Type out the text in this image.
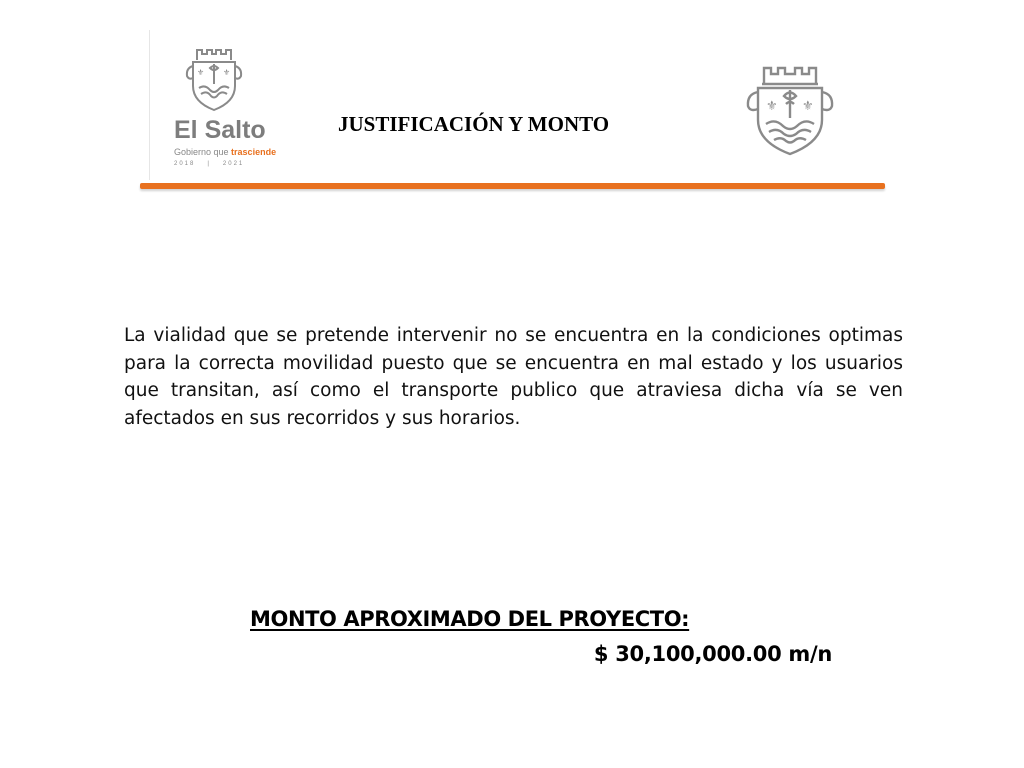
⚜ ⚜
El Salto
Gobierno que trasciende
2018 | 2021
JUSTIFICACIÓN Y MONTO
⚜ ⚜

La vialidad que se pretende intervenir no se encuentra en la condiciones optimas para la correcta movilidad puesto que se encuentra en mal estado y los usuarios que transitan, así como el transporte publico que atraviesa dicha vía se ven afectados en sus recorridos y sus horarios.

MONTO APROXIMADO DEL PROYECTO:
$ 30,100,000.00 m/n
